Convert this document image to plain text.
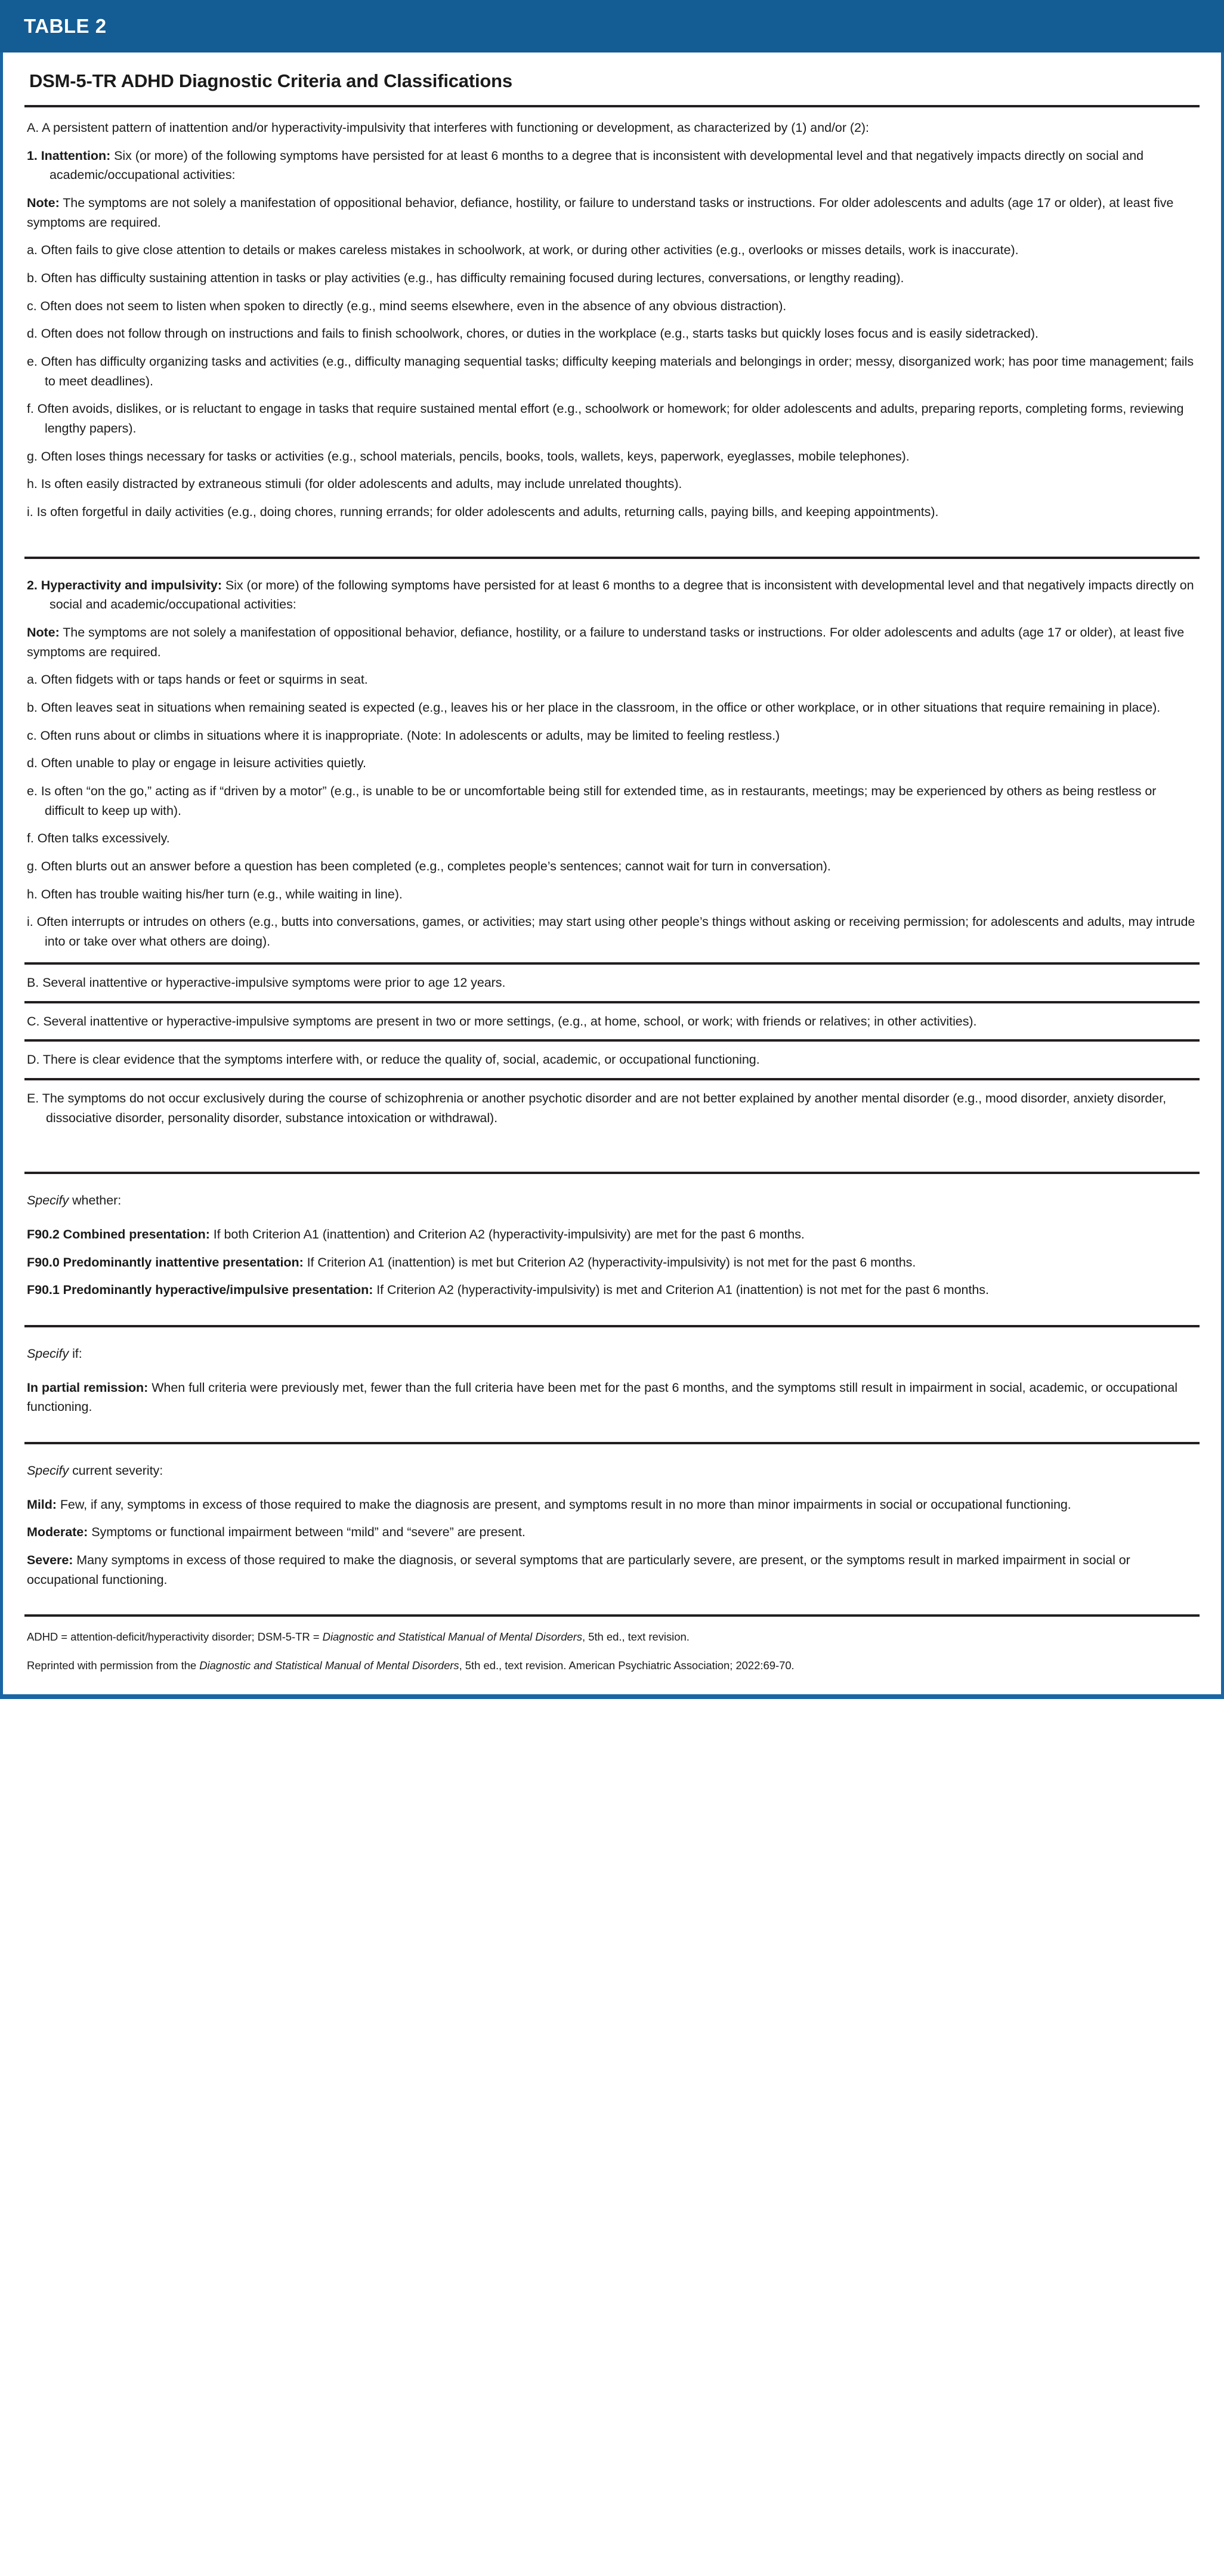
TABLE 2
DSM-5-TR ADHD Diagnostic Criteria and Classifications

A. A persistent pattern of inattention and/or hyperactivity-impulsivity that interferes with functioning or development, as characterized by (1) and/or (2):

1. Inattention: Six (or more) of the following symptoms have persisted for at least 6 months to a degree that is inconsistent with developmental level and that negatively impacts directly on social and academic/occupational activities:

Note: The symptoms are not solely a manifestation of oppositional behavior, defiance, hostility, or failure to understand tasks or instructions. For older adolescents and adults (age 17 or older), at least five symptoms are required.

a. Often fails to give close attention to details or makes careless mistakes in schoolwork, at work, or during other activities (e.g., overlooks or misses details, work is inaccurate).

b. Often has difficulty sustaining attention in tasks or play activities (e.g., has difficulty remaining focused during lectures, conversations, or lengthy reading).

c. Often does not seem to listen when spoken to directly (e.g., mind seems elsewhere, even in the absence of any obvious distraction).

d. Often does not follow through on instructions and fails to finish schoolwork, chores, or duties in the workplace (e.g., starts tasks but quickly loses focus and is easily sidetracked).

e. Often has difficulty organizing tasks and activities (e.g., difficulty managing sequential tasks; difficulty keeping materials and belongings in order; messy, disorganized work; has poor time management; fails to meet deadlines).

f. Often avoids, dislikes, or is reluctant to engage in tasks that require sustained mental effort (e.g., schoolwork or homework; for older adolescents and adults, preparing reports, completing forms, reviewing lengthy papers).

g. Often loses things necessary for tasks or activities (e.g., school materials, pencils, books, tools, wallets, keys, paperwork, eyeglasses, mobile telephones).

h. Is often easily distracted by extraneous stimuli (for older adolescents and adults, may include unrelated thoughts).

i. Is often forgetful in daily activities (e.g., doing chores, running errands; for older adolescents and adults, returning calls, paying bills, and keeping appointments).

2. Hyperactivity and impulsivity: Six (or more) of the following symptoms have persisted for at least 6 months to a degree that is inconsistent with developmental level and that negatively impacts directly on social and academic/occupational activities:

Note: The symptoms are not solely a manifestation of oppositional behavior, defiance, hostility, or a failure to understand tasks or instructions. For older adolescents and adults (age 17 or older), at least five symptoms are required.

a. Often fidgets with or taps hands or feet or squirms in seat.

b. Often leaves seat in situations when remaining seated is expected (e.g., leaves his or her place in the classroom, in the office or other workplace, or in other situations that require remaining in place).

c. Often runs about or climbs in situations where it is inappropriate. (Note: In adolescents or adults, may be limited to feeling restless.)

d. Often unable to play or engage in leisure activities quietly.

e. Is often “on the go,” acting as if “driven by a motor” (e.g., is unable to be or uncomfortable being still for extended time, as in restaurants, meetings; may be experienced by others as being restless or difficult to keep up with).

f. Often talks excessively.

g. Often blurts out an answer before a question has been completed (e.g., completes people’s sentences; cannot wait for turn in conversation).

h. Often has trouble waiting his/her turn (e.g., while waiting in line).

i. Often interrupts or intrudes on others (e.g., butts into conversations, games, or activities; may start using other people’s things without asking or receiving permission; for adolescents and adults, may intrude into or take over what others are doing).

B. Several inattentive or hyperactive-impulsive symptoms were prior to age 12 years.

C. Several inattentive or hyperactive-impulsive symptoms are present in two or more settings, (e.g., at home, school, or work; with friends or relatives; in other activities).

D. There is clear evidence that the symptoms interfere with, or reduce the quality of, social, academic, or occupational functioning.

E. The symptoms do not occur exclusively during the course of schizophrenia or another psychotic disorder and are not better explained by another mental disorder (e.g., mood disorder, anxiety disorder, dissociative disorder, personality disorder, substance intoxication or withdrawal).

Specify whether:

F90.2 Combined presentation: If both Criterion A1 (inattention) and Criterion A2 (hyperactivity-impulsivity) are met for the past 6 months.

F90.0 Predominantly inattentive presentation: If Criterion A1 (inattention) is met but Criterion A2 (hyperactivity-impulsivity) is not met for the past 6 months.

F90.1 Predominantly hyperactive/impulsive presentation: If Criterion A2 (hyperactivity-impulsivity) is met and Criterion A1 (inattention) is not met for the past 6 months.

Specify if:

In partial remission: When full criteria were previously met, fewer than the full criteria have been met for the past 6 months, and the symptoms still result in impairment in social, academic, or occupational functioning.

Specify current severity:

Mild: Few, if any, symptoms in excess of those required to make the diagnosis are present, and symptoms result in no more than minor impairments in social or occupational functioning.

Moderate: Symptoms or functional impairment between “mild” and “severe” are present.

Severe: Many symptoms in excess of those required to make the diagnosis, or several symptoms that are particularly severe, are present, or the symptoms result in marked impairment in social or occupational functioning.

ADHD = attention-deficit/hyperactivity disorder; DSM-5-TR = Diagnostic and Statistical Manual of Mental Disorders, 5th ed., text revision.

Reprinted with permission from the Diagnostic and Statistical Manual of Mental Disorders, 5th ed., text revision. American Psychiatric Association; 2022:69-70.
